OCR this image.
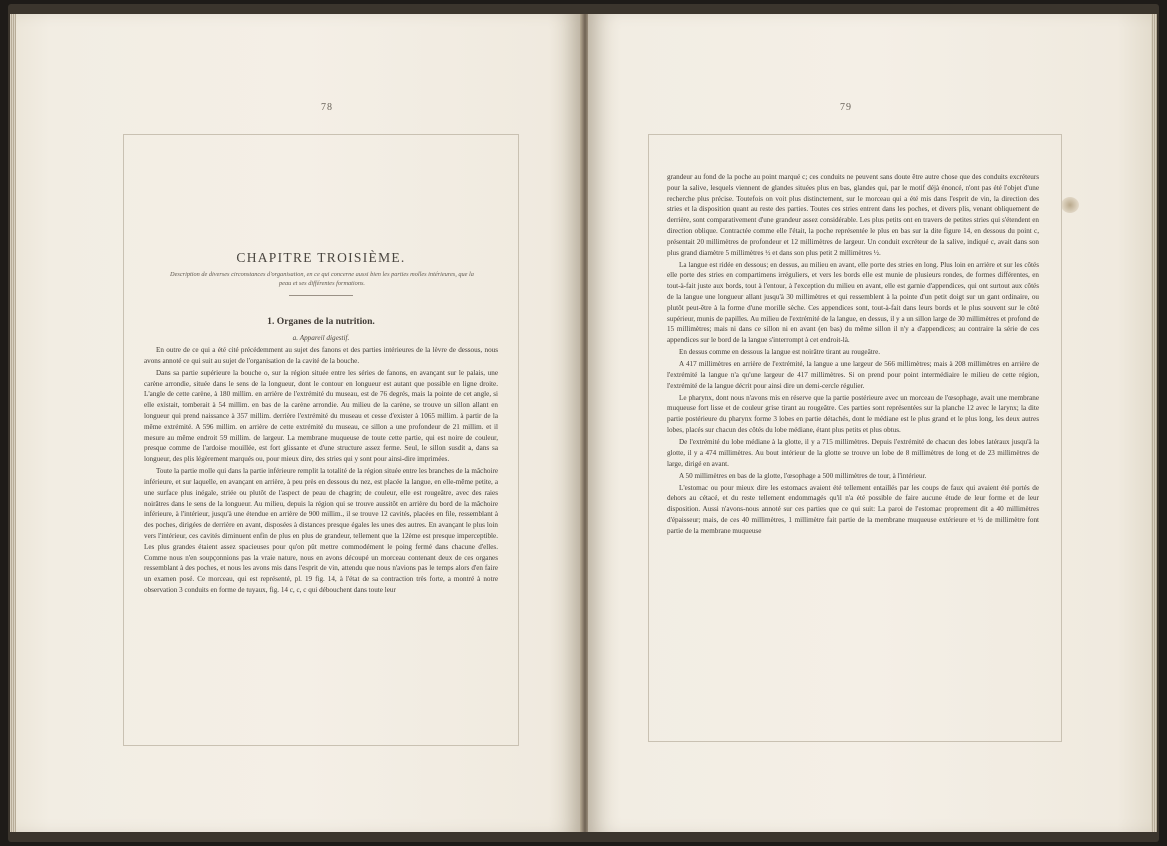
78
CHAPITRE TROISIÈME.
Description de diverses circonstances d'organisation, en ce qui concerne aussi bien les parties molles intérieures, que la peau et ses différentes formations.
1. Organes de la nutrition.
a. Appareil digestif.

En outre de ce qui a été cité précédemment au sujet des fanons et des parties intérieures de la lèvre de dessous, nous avons annoté ce qui suit au sujet de l'organisation de la cavité de la bouche.

Dans sa partie supérieure la bouche o, sur la région située entre les séries de fanons, en avançant sur le palais, une carène arrondie, située dans le sens de la longueur, dont le contour en longueur est autant que possible en ligne droite. L'angle de cette carène, à 180 millim. en arrière de l'extrémité du museau, est de 76 degrés, mais la pointe de cet angle, si elle existait, tomberait à 54 millim. en bas de la carène arrondie. Au milieu de la carène, se trouve un sillon allant en longueur qui prend naissance à 357 millim. derrière l'extrémité du museau et cesse d'exister à 1065 millim. à partir de la même extrémité. A 596 millim. en arrière de cette extrémité du museau, ce sillon a une profondeur de 21 millim. et il mesure au même endroit 59 millim. de largeur. La membrane muqueuse de toute cette partie, qui est noire de couleur, presque comme de l'ardoise mouillée, est fort glissante et d'une structure assez ferme. Seul, le sillon susdit a, dans sa longueur, des plis légèrement marqués ou, pour mieux dire, des stries qui y sont pour ainsi-dire imprimées.

Toute la partie molle qui dans la partie inférieure remplit la totalité de la région située entre les branches de la mâchoire inférieure, et sur laquelle, en avançant en arrière, à peu près en dessous du nez, est placée la langue, en elle-même petite, a une surface plus inégale, striée ou plutôt de l'aspect de peau de chagrin; de couleur, elle est rougeâtre, avec des raies noirâtres dans le sens de la longueur. Au milieu, depuis la région qui se trouve aussitôt en arrière du bord de la mâchoire inférieure, à l'intérieur, jusqu'à une étendue en arrière de 900 millim., il se trouve 12 cavités, placées en file, ressemblant à des poches, dirigées de derrière en avant, disposées à distances presque égales les unes des autres. En avançant le plus loin vers l'intérieur, ces cavités diminuent enfin de plus en plus de grandeur, tellement que la 12ème est presque imperceptible. Les plus grandes étaient assez spacieuses pour qu'on pût mettre commodément le poing fermé dans chacune d'elles. Comme nous n'en soupçonnions pas la vraie nature, nous en avons découpé un morceau contenant deux de ces organes ressemblant à des poches, et nous les avons mis dans l'esprit de vin, attendu que nous n'avions pas le temps alors d'en faire un examen posé. Ce morceau, qui est représenté, pl. 19 fig. 14, à l'état de sa contraction très forte, a montré à notre observation 3 conduits en forme de tuyaux, fig. 14 c, c, c qui débouchent dans toute leur

79

grandeur au fond de la poche au point marqué c; ces conduits ne peuvent sans doute être autre chose que des conduits excréteurs pour la salive, lesquels viennent de glandes situées plus en bas, glandes qui, par le motif déjà énoncé, n'ont pas été l'objet d'une recherche plus précise. Toutefois on voit plus distinctement, sur le morceau qui a été mis dans l'esprit de vin, la direction des stries et la disposition quant au reste des parties. Toutes ces stries entrent dans les poches, et divers plis, venant obliquement de derrière, sont comparativement d'une grandeur assez considérable. Les plus petits ont en travers de petites stries qui s'étendent en direction oblique. Contractée comme elle l'était, la poche représentée le plus en bas sur la dite figure 14, en dessous du point c, présentait 20 millimètres de profondeur et 12 millimètres de largeur. Un conduit excréteur de la salive, indiqué c, avait dans son plus grand diamètre 5 millimètres ½ et dans son plus petit 2 millimètres ½.

La langue est ridée en dessous; en dessus, au milieu en avant, elle porte des stries en long. Plus loin en arrière et sur les côtés elle porte des stries en compartimens irréguliers, et vers les bords elle est munie de plusieurs rondes, de formes différentes, en tout-à-fait juste aux bords, tout à l'entour, à l'exception du milieu en avant, elle est garnie d'appendices, qui ont surtout aux côtés de la langue une longueur allant jusqu'à 30 millimètres et qui ressemblent à la pointe d'un petit doigt sur un gant ordinaire, ou plutôt peut-être à la forme d'une morille sèche. Ces appendices sont, tout-à-fait dans leurs bords et le plus souvent sur le côté supérieur, munis de papilles. Au milieu de l'extrémité de la langue, en dessus, il y a un sillon large de 30 millimètres et profond de 15 millimètres; mais ni dans ce sillon ni en avant (en bas) du même sillon il n'y a d'appendices; au contraire la série de ces appendices sur le bord de la langue s'interrompt à cet endroit-là.

En dessus comme en dessous la langue est noirâtre tirant au rougeâtre.

A 417 millimètres en arrière de l'extrémité, la langue a une largeur de 566 millimètres; mais à 208 millimètres en arrière de l'extrémité la langue n'a qu'une largeur de 417 millimètres. Si on prend pour point intermédiaire le milieu de cette région, l'extrémité de la langue décrit pour ainsi dire un demi-cercle régulier.

Le pharynx, dont nous n'avons mis en réserve que la partie postérieure avec un morceau de l'œsophage, avait une membrane muqueuse fort lisse et de couleur grise tirant au rougeâtre. Ces parties sont représentées sur la planche 12 avec le larynx; la dite partie postérieure du pharynx forme 3 lobes en partie détachés, dont le médiane est le plus grand et le plus long, les deux autres lobes, placés sur chacun des côtés du lobe médiane, étant plus petits et plus obtus.

De l'extrémité du lobe médiane à la glotte, il y a 715 millimètres. Depuis l'extrémité de chacun des lobes latéraux jusqu'à la glotte, il y a 474 millimètres. Au bout intérieur de la glotte se trouve un lobe de 8 millimètres de long et de 23 millimètres de large, dirigé en avant.

A 50 millimètres en bas de la glotte, l'œsophage a 500 millimètres de tour, à l'intérieur.

L'estomac ou pour mieux dire les estomacs avaient été tellement entaillés par les coups de faux qui avaient été portés de dehors au cétacé, et du reste tellement endommagés qu'il n'a été possible de faire aucune étude de leur forme et de leur disposition. Aussi n'avons-nous annoté sur ces parties que ce qui suit: La paroi de l'estomac proprement dit a 40 millimètres d'épaisseur; mais, de ces 40 millimètres, 1 millimètre fait partie de la membrane muqueuse extérieure et ½ de millimètre font partie de la membrane muqueuse
